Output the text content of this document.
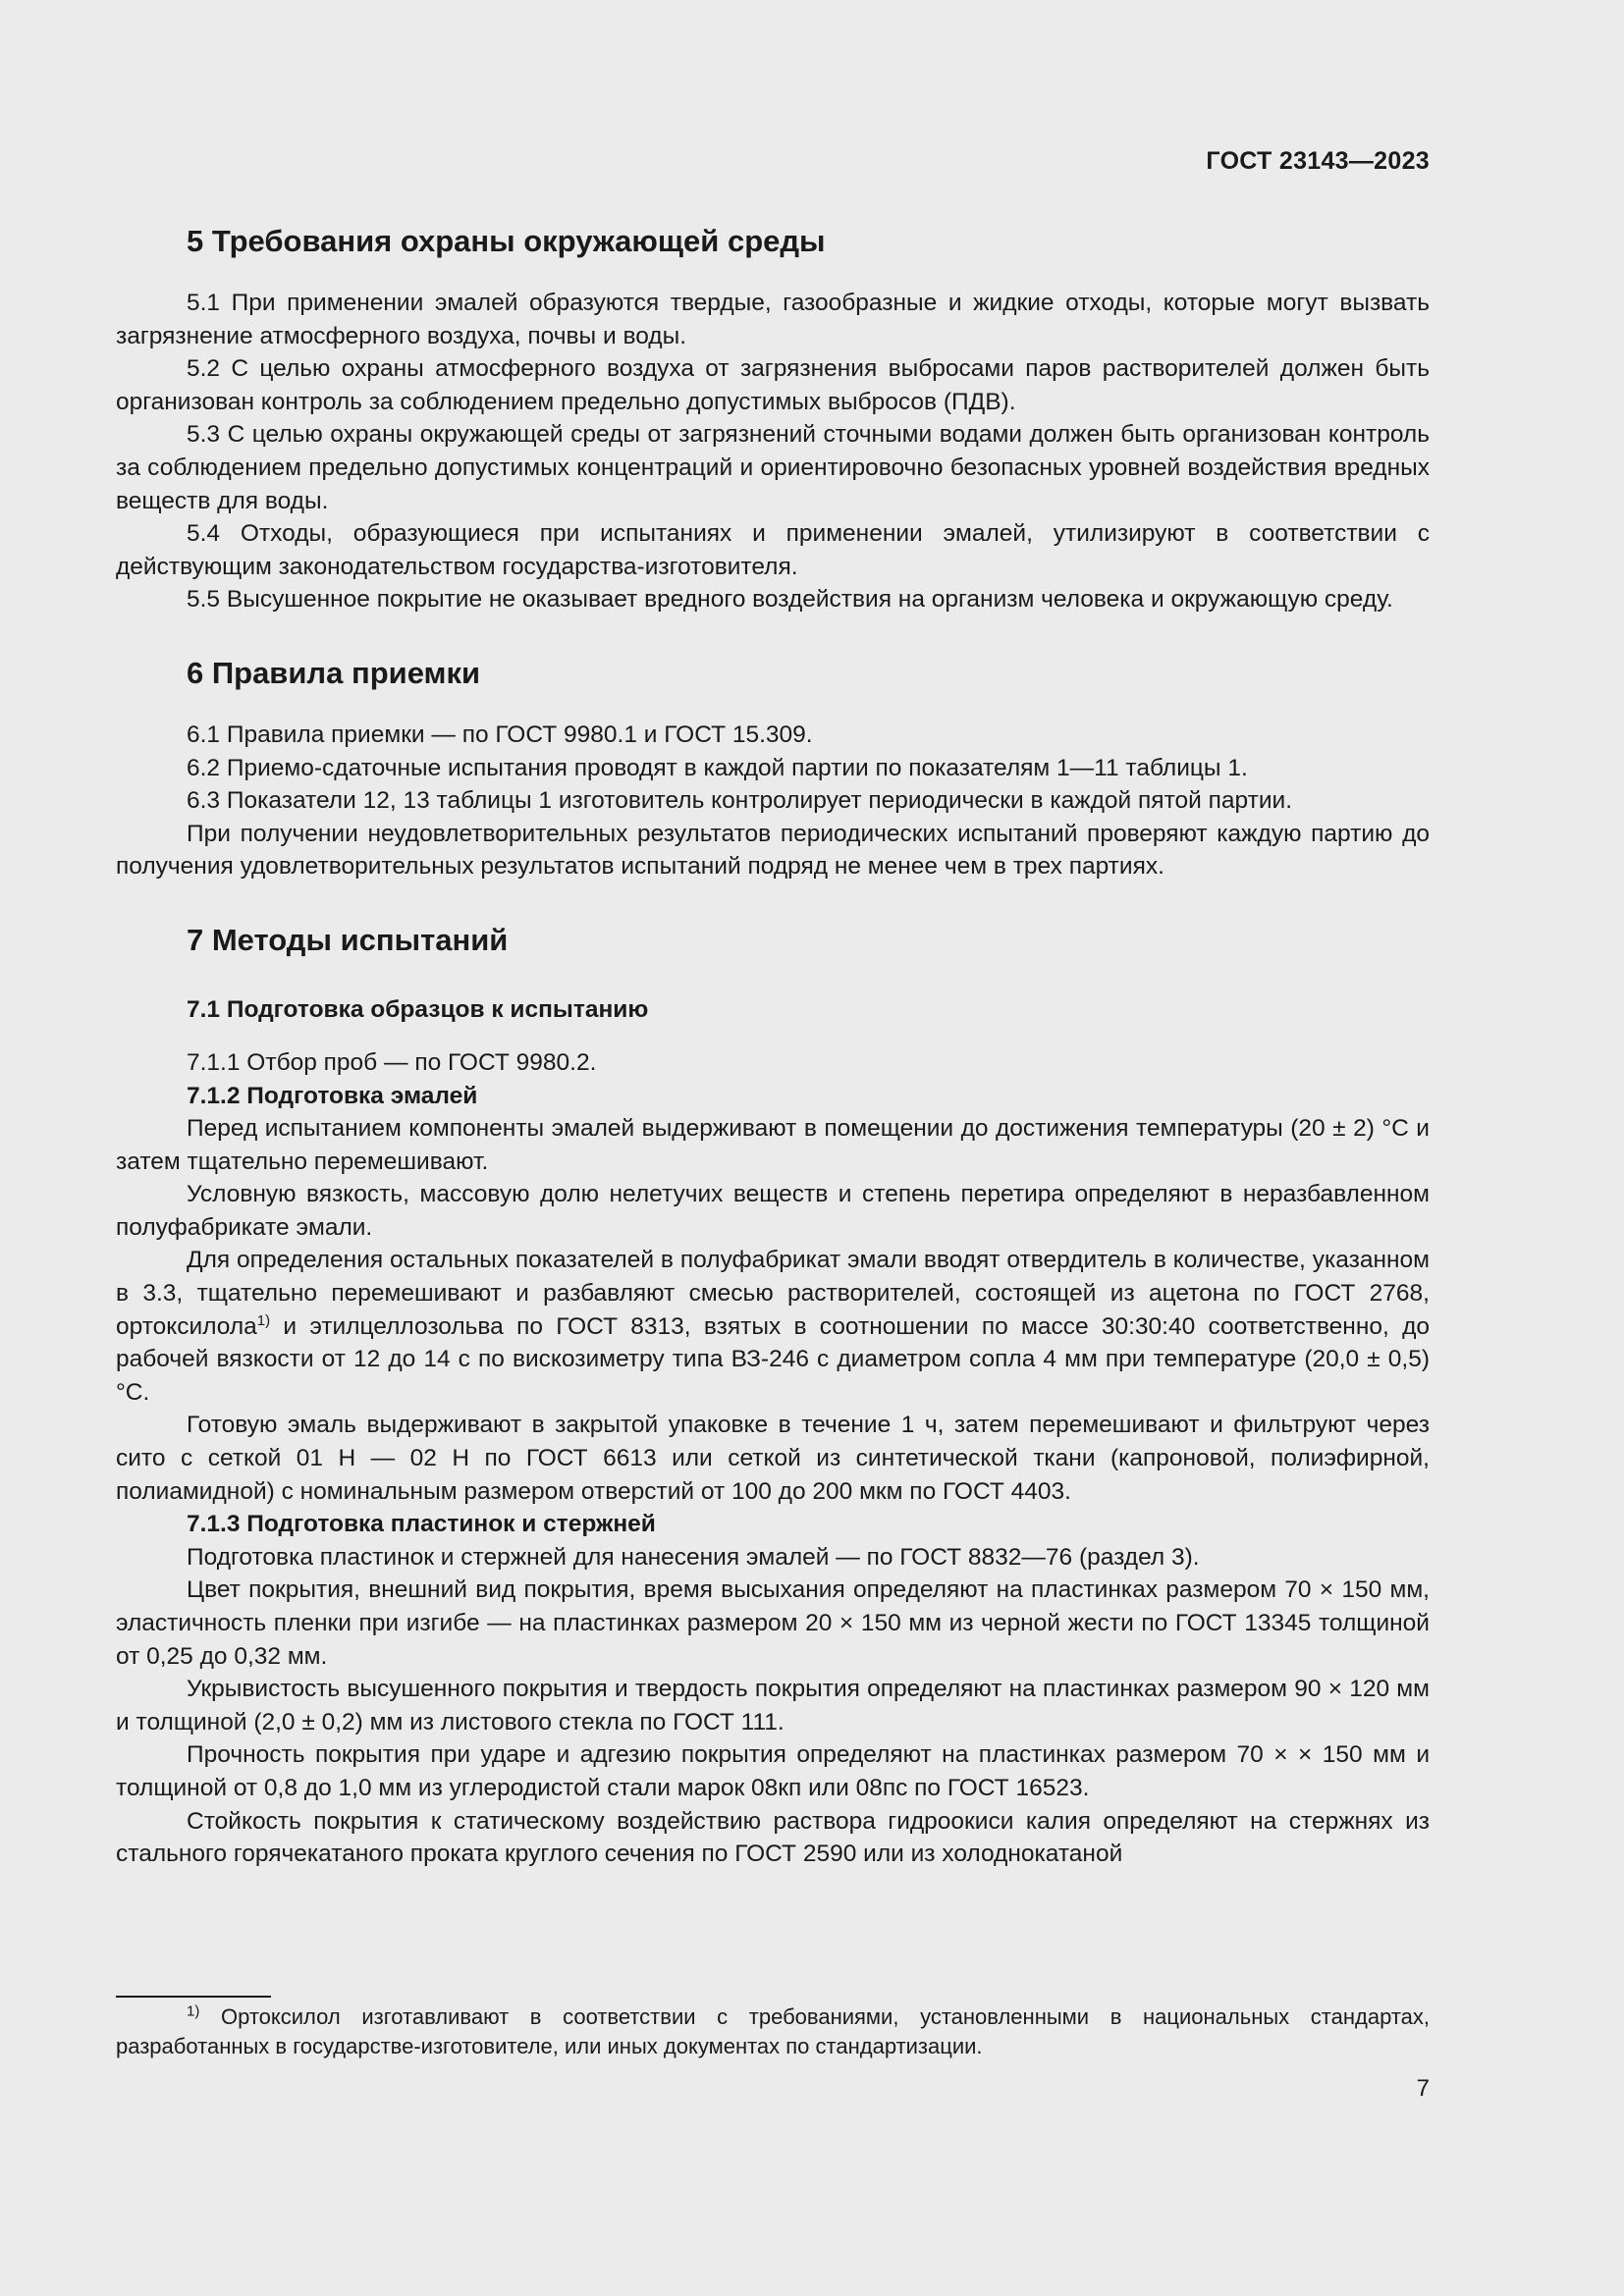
ГОСТ 23143—2023
5 Требования охраны окружающей среды

5.1 При применении эмалей образуются твердые, газообразные и жидкие отходы, которые могут вызвать загрязнение атмосферного воздуха, почвы и воды.

5.2 С целью охраны атмосферного воздуха от загрязнения выбросами паров растворителей должен быть организован контроль за соблюдением предельно допустимых выбросов (ПДВ).

5.3 С целью охраны окружающей среды от загрязнений сточными водами должен быть организован контроль за соблюдением предельно допустимых концентраций и ориентировочно безопасных уровней воздействия вредных веществ для воды.

5.4 Отходы, образующиеся при испытаниях и применении эмалей, утилизируют в соответствии с действующим законодательством государства-изготовителя.

5.5 Высушенное покрытие не оказывает вредного воздействия на организм человека и окружающую среду.

6 Правила приемки

6.1 Правила приемки — по ГОСТ 9980.1 и ГОСТ 15.309.

6.2 Приемо-сдаточные испытания проводят в каждой партии по показателям 1—11 таблицы 1.

6.3 Показатели 12, 13 таблицы 1 изготовитель контролирует периодически в каждой пятой партии.

При получении неудовлетворительных результатов периодических испытаний проверяют каждую партию до получения удовлетворительных результатов испытаний подряд не менее чем в трех партиях.

7 Методы испытаний
7.1 Подготовка образцов к испытанию

7.1.1 Отбор проб — по ГОСТ 9980.2.

7.1.2 Подготовка эмалей

Перед испытанием компоненты эмалей выдерживают в помещении до достижения температуры (20 ± 2) °С и затем тщательно перемешивают.

Условную вязкость, массовую долю нелетучих веществ и степень перетира определяют в неразбавленном полуфабрикате эмали.

Для определения остальных показателей в полуфабрикат эмали вводят отвердитель в количестве, указанном в 3.3, тщательно перемешивают и разбавляют смесью растворителей, состоящей из ацетона по ГОСТ 2768, ортоксилола$^{1)}$ и этилцеллозольва по ГОСТ 8313, взятых в соотношении по массе 30:30:40 соответственно, до рабочей вязкости от 12 до 14 с по вискозиметру типа ВЗ-246 с диаметром сопла 4 мм при температуре (20,0 ± 0,5) °С.

Готовую эмаль выдерживают в закрытой упаковке в течение 1 ч, затем перемешивают и фильтруют через сито с сеткой 01 Н — 02 Н по ГОСТ 6613 или сеткой из синтетической ткани (капроновой, полиэфирной, полиамидной) с номинальным размером отверстий от 100 до 200 мкм по ГОСТ 4403.

7.1.3 Подготовка пластинок и стержней

Подготовка пластинок и стержней для нанесения эмалей — по ГОСТ 8832—76 (раздел 3).

Цвет покрытия, внешний вид покрытия, время высыхания определяют на пластинках размером 70 × 150 мм, эластичность пленки при изгибе — на пластинках размером 20 × 150 мм из черной жести по ГОСТ 13345 толщиной от 0,25 до 0,32 мм.

Укрывистость высушенного покрытия и твердость покрытия определяют на пластинках размером 90 × 120 мм и толщиной (2,0 ± 0,2) мм из листового стекла по ГОСТ 111.

Прочность покрытия при ударе и адгезию покрытия определяют на пластинках размером 70 × × 150 мм и толщиной от 0,8 до 1,0 мм из углеродистой стали марок 08кп или 08пс по ГОСТ 16523.

Стойкость покрытия к статическому воздействию раствора гидроокиси калия определяют на стержнях из стального горячекатаного проката круглого сечения по ГОСТ 2590 или из холоднокатаной

$^{1)}$ Ортоксилол изготавливают в соответствии с требованиями, установленными в национальных стандартах, разработанных в государстве-изготовителе, или иных документах по стандартизации.
7
